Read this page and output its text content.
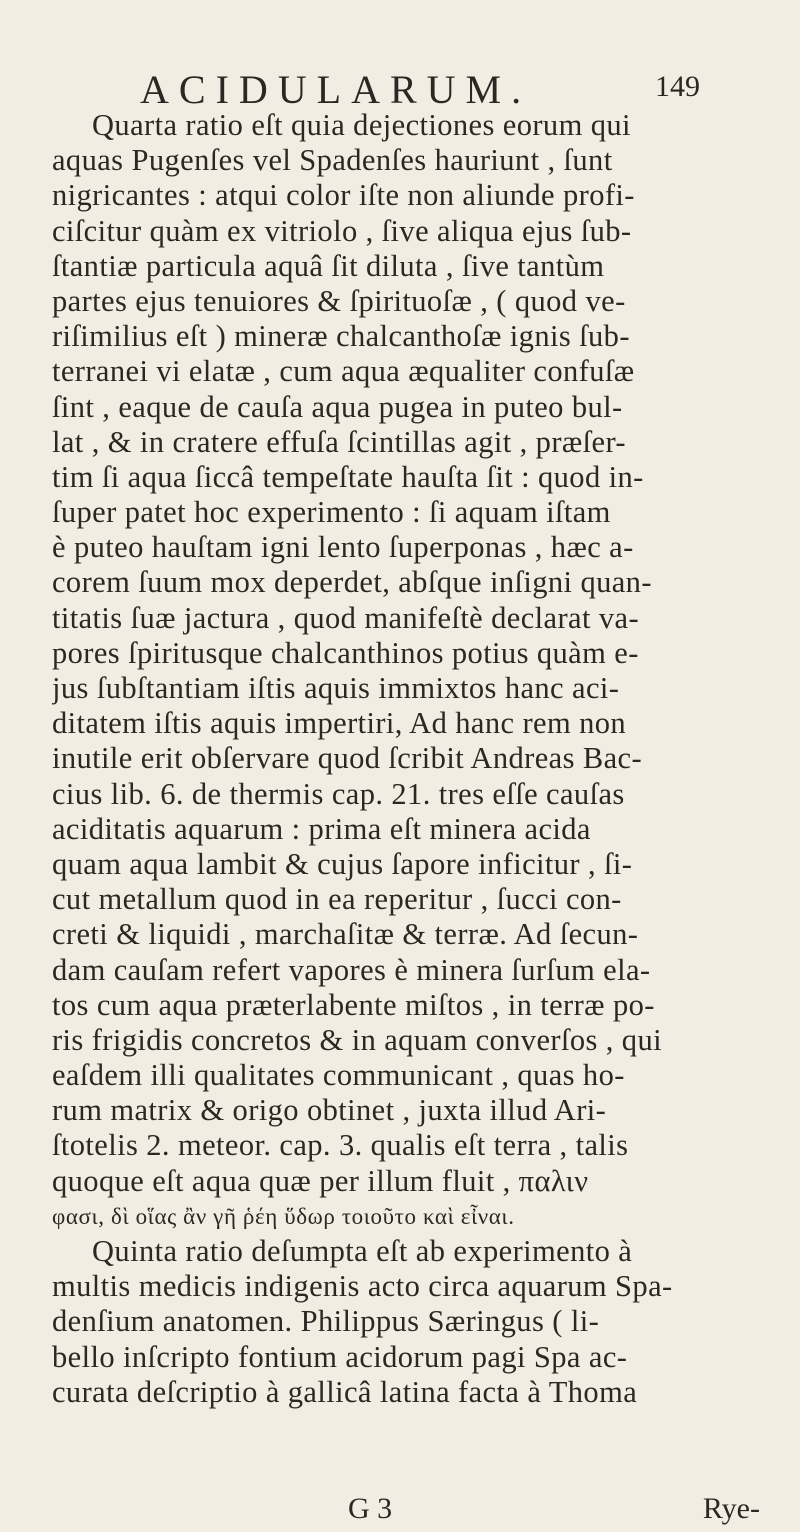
ACIDULARUM.	149
Quarta ratio eſt quia dejectiones eorum qui
aquas Pugenſes vel Spadenſes hauriunt , ſunt
nigricantes : atqui color iſte non aliunde profi-
ciſcitur quàm ex vitriolo , ſive aliqua ejus ſub-
ſtantiæ particula aquâ ſit diluta , ſive tantùm
partes ejus tenuiores & ſpirituoſæ , ( quod ve-
riſimilius eſt ) mineræ chalcanthoſæ ignis ſub-
terranei vi elatæ , cum aqua æqualiter confuſæ
ſint , eaque de cauſa aqua pugea in puteo bul-
lat , & in cratere effuſa ſcintillas agit , præſer-
tim ſi aqua ſiccâ tempeſtate hauſta ſit : quod in-
ſuper patet hoc experimento : ſi aquam iſtam
è puteo hauſtam igni lento ſuperponas , hæc a-
corem ſuum mox deperdet, abſque inſigni quan-
titatis ſuæ jactura , quod manifeſtè declarat va-
pores ſpiritusque chalcanthinos potius quàm e-
jus ſubſtantiam iſtis aquis immixtos hanc aci-
ditatem iſtis aquis impertiri, Ad hanc rem non
inutile erit obſervare quod ſcribit Andreas Bac-
cius lib. 6. de thermis cap. 21. tres eſſe cauſas
aciditatis aquarum : prima eſt minera acida
quam aqua lambit & cujus ſapore inficitur , ſi-
cut metallum quod in ea reperitur , ſucci con-
creti & liquidi , marchaſitæ & terræ. Ad ſecun-
dam cauſam refert vapores è minera ſurſum ela-
tos cum aqua præterlabente miſtos , in terræ po-
ris frigidis concretos & in aquam converſos , qui
eaſdem illi qualitates communicant , quas ho-
rum matrix & origo obtinet , juxta illud Ari-
ſtotelis 2. meteor. cap. 3. qualis eſt terra , talis
quoque eſt aqua quæ per illum fluit , παλιν
φασι, δὶ οἵας ἂν γῆ ῥέη ὕδωρ τοιοῦτο καὶ εἶναι.
Quinta ratio deſumpta eſt ab experimento à
multis medicis indigenis acto circa aquarum Spa-
denſium anatomen. Philippus Særingus ( li-
bello inſcripto fontium acidorum pagi Spa ac-
curata deſcriptio à gallicâ latina facta à Thoma
G 3	Rye-
